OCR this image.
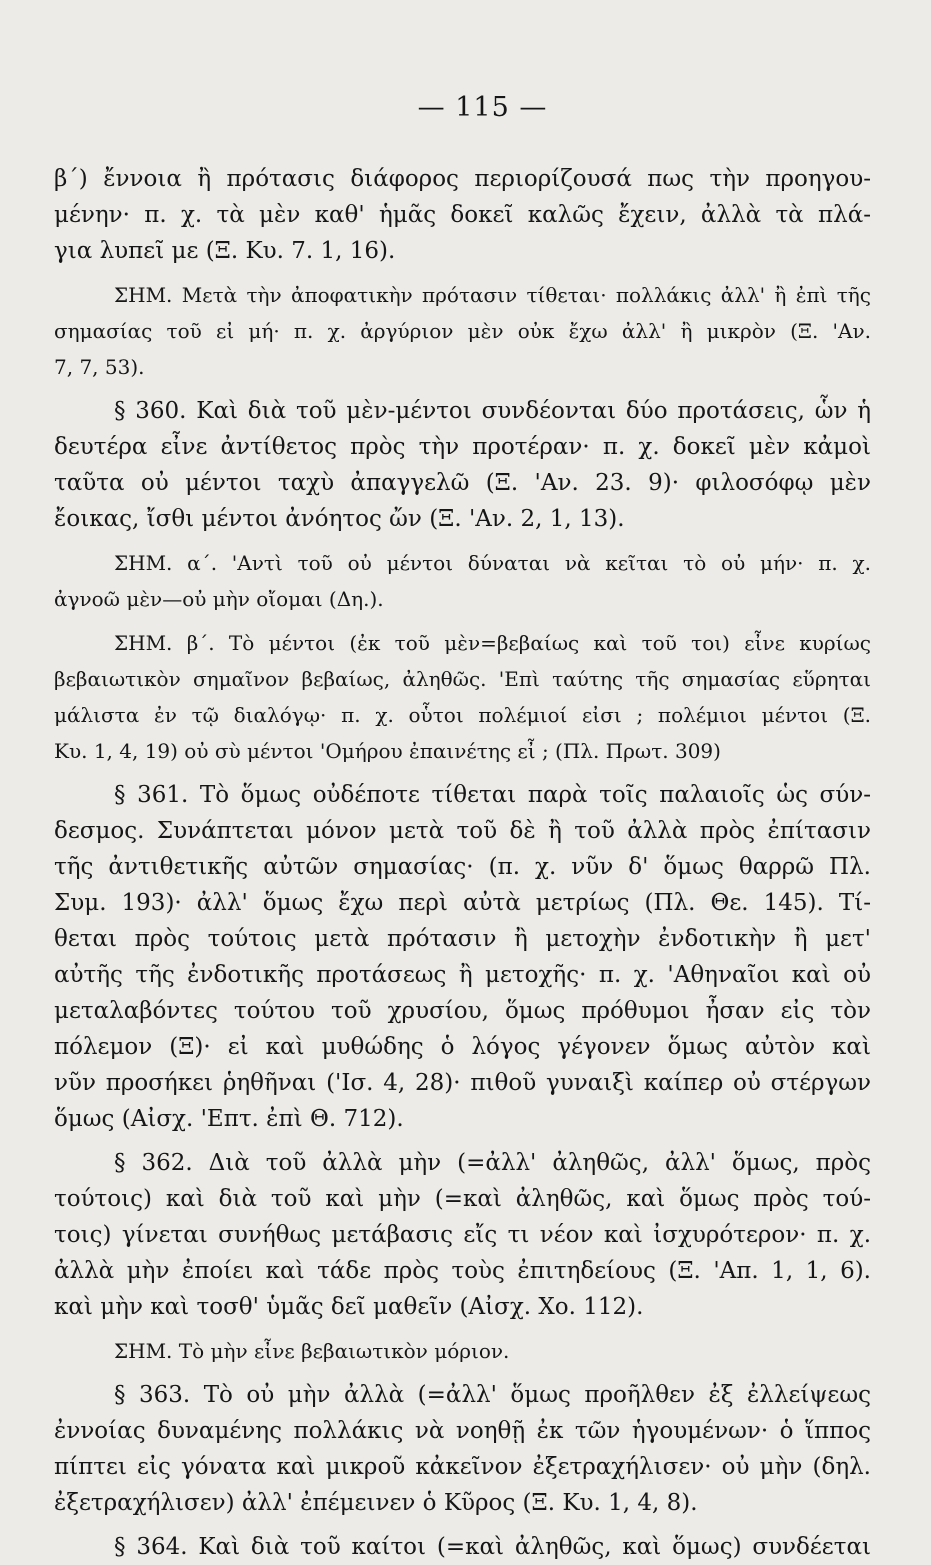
— 115 —
β΄) ἔννοια ἢ πρότασις διάφορος περιορίζουσά πως τὴν προηγου-
μένην· π. χ. τὰ μὲν καθ' ἡμᾶς δοκεῖ καλῶς ἔχειν, ἀλλὰ τὰ πλά-
για λυπεῖ με (Ξ. Κυ. 7. 1, 16).
ΣΗΜ. Μετὰ τὴν ἀποφατικὴν πρότασιν τίθεται· πολλάκις ἀλλ' ἢ ἐπὶ τῆς
σημασίας τοῦ εἰ μή· π. χ. ἀργύριον μὲν οὐκ ἔχω ἀλλ' ἢ μικρὸν (Ξ. 'Αν.
7, 7, 53).
§ 360. Καὶ διὰ τοῦ μὲν-μέντοι συνδέονται δύο προτάσεις, ὧν ἡ
δευτέρα εἶνε ἀντίθετος πρὸς τὴν προτέραν· π. χ. δοκεῖ μὲν κἀμοὶ
ταῦτα οὐ μέντοι ταχὺ ἀπαγγελῶ (Ξ. 'Αν. 23. 9)· φιλοσόφῳ μὲν
ἔοικας, ἴσθι μέντοι ἀνόητος ὤν (Ξ. 'Αν. 2, 1, 13).
ΣΗΜ. α΄. 'Αντὶ τοῦ οὐ μέντοι δύναται νὰ κεῖται τὸ οὐ μήν· π. χ.
ἀγνοῶ μὲν—οὐ μὴν οἴομαι (Δη.).
ΣΗΜ. β΄. Τὸ μέντοι (ἐκ τοῦ μὲν=βεβαίως καὶ τοῦ τοι) εἶνε κυρίως
βεβαιωτικὸν σημαῖνον βεβαίως, ἀληθῶς. 'Επὶ ταύτης τῆς σημασίας εὕρηται
μάλιστα ἐν τῷ διαλόγῳ· π. χ. οὗτοι πολέμιοί εἰσι ; πολέμιοι μέντοι (Ξ.
Κυ. 1, 4, 19) οὐ σὺ μέντοι 'Ομήρου ἐπαινέτης εἶ ; (Πλ. Πρωτ. 309)
§ 361. Τὸ ὅμως οὐδέποτε τίθεται παρὰ τοῖς παλαιοῖς ὡς σύν-
δεσμος. Συνάπτεται μόνον μετὰ τοῦ δὲ ἢ τοῦ ἀλλὰ πρὸς ἐπίτασιν
τῆς ἀντιθετικῆς αὐτῶν σημασίας· (π. χ. νῦν δ' ὅμως θαρρῶ Πλ.
Συμ. 193)· ἀλλ' ὅμως ἔχω περὶ αὐτὰ μετρίως (Πλ. Θε. 145). Τί-
θεται πρὸς τούτοις μετὰ πρότασιν ἢ μετοχὴν ἐνδοτικὴν ἢ μετ'
αὐτῆς τῆς ἐνδοτικῆς προτάσεως ἢ μετοχῆς· π. χ. 'Αθηναῖοι καὶ οὐ
μεταλαβόντες τούτου τοῦ χρυσίου, ὅμως πρόθυμοι ἦσαν εἰς τὸν
πόλεμον (Ξ)· εἰ καὶ μυθώδης ὁ λόγος γέγονεν ὅμως αὐτὸν καὶ
νῦν προσήκει ῥηθῆναι ('Ισ. 4, 28)· πιθοῦ γυναιξὶ καίπερ οὐ στέργων
ὅμως (Αἰσχ. 'Επτ. ἐπὶ Θ. 712).
§ 362. Διὰ τοῦ ἀλλὰ μὴν (=ἀλλ' ἀληθῶς, ἀλλ' ὅμως, πρὸς
τούτοις) καὶ διὰ τοῦ καὶ μὴν (=καὶ ἀληθῶς, καὶ ὅμως πρὸς τού-
τοις) γίνεται συνήθως μετάβασις εἴς τι νέον καὶ ἰσχυρότερον· π. χ.
ἀλλὰ μὴν ἐποίει καὶ τάδε πρὸς τοὺς ἐπιτηδείους (Ξ. 'Απ. 1, 1, 6).
καὶ μὴν καὶ τοσθ' ὑμᾶς δεῖ μαθεῖν (Αἰσχ. Χο. 112).
ΣΗΜ. Τὸ μὴν εἶνε βεβαιωτικὸν μόριον.
§ 363. Τὸ οὐ μὴν ἀλλὰ (=ἀλλ' ὅμως προῆλθεν ἐξ ἐλλείψεως
ἐννοίας δυναμένης πολλάκις νὰ νοηθῇ ἐκ τῶν ἡγουμένων· ὁ ἵππος
πίπτει εἰς γόνατα καὶ μικροῦ κἀκεῖνον ἐξετραχήλισεν· οὐ μὴν (δηλ.
ἐξετραχήλισεν) ἀλλ' ἐπέμεινεν ὁ Κῦρος (Ξ. Κυ. 1, 4, 8).
§ 364. Καὶ διὰ τοῦ καίτοι (=καὶ ἀληθῶς, καὶ ὅμως) συνδέεται
